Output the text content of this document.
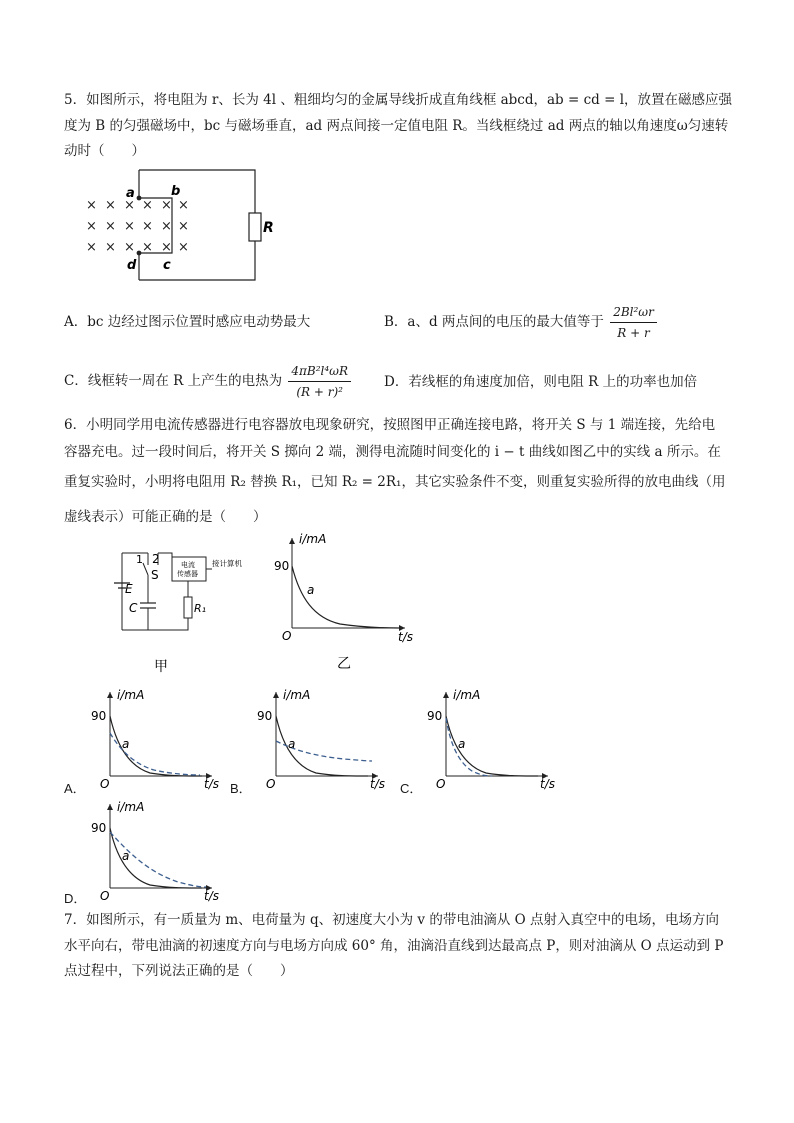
5．如图所示，将电阻为 r、长为 4l 、粗细均匀的金属导线折成直角线框 abcd，ab = cd = l，放置在磁感应强
度为 B 的匀强磁场中，bc 与磁场垂直，ad 两点间接一定值电阻 R。当线框绕过 ad 两点的轴以角速度ω匀速转
动时（　　）
× × × × × ×
× × × × × ×
× × × × × ×
a	b
c
d
R
A．bc 边经过图示位置时感应电动势最大	B．a、d 两点间的电压的最大值等于 $\frac{\text{2Bl²ωr}}{R + r}$
C．线框转一周在 R 上产生的电热为 $\frac{\text{4πB²l⁴ωR}}{\text{(R + r)²}}$ D．若线框的角速度加倍，则电阻 R 上的功率也加倍
6．小明同学用电流传感器进行电容器放电现象研究，按照图甲正确连接电路，将开关 S 与 1 端连接，先给电
容器充电。过一段时间后，将开关 S 掷向 2 端，测得电流随时间变化的 i − t 曲线如图乙中的实线 a 所示。在
重复实验时，小明将电阻用 R₂ 替换 R₁，已知 R₂ = 2R₁，其它实验条件不变，则重复实验所得的放电曲线（用
虚线表示）可能正确的是（　　）
1 2
S
E
C	R₁
电流
传感器
接计算机
甲
i/mA
t/s
O
90
a
乙
A．	B．	C．
D．
i/mA
t/s
O
90
a
i/mA
t/s
O
90
a
i/mA
t/s
O
90
a
i/mA
t/s
O
90
a
7．如图所示，有一质量为 m、电荷量为 q、初速度大小为 v 的带电油滴从 O 点射入真空中的电场，电场方向
水平向右，带电油滴的初速度方向与电场方向成 60° 角，油滴沿直线到达最高点 P，则对油滴从 O 点运动到 P
点过程中，下列说法正确的是（　　）
